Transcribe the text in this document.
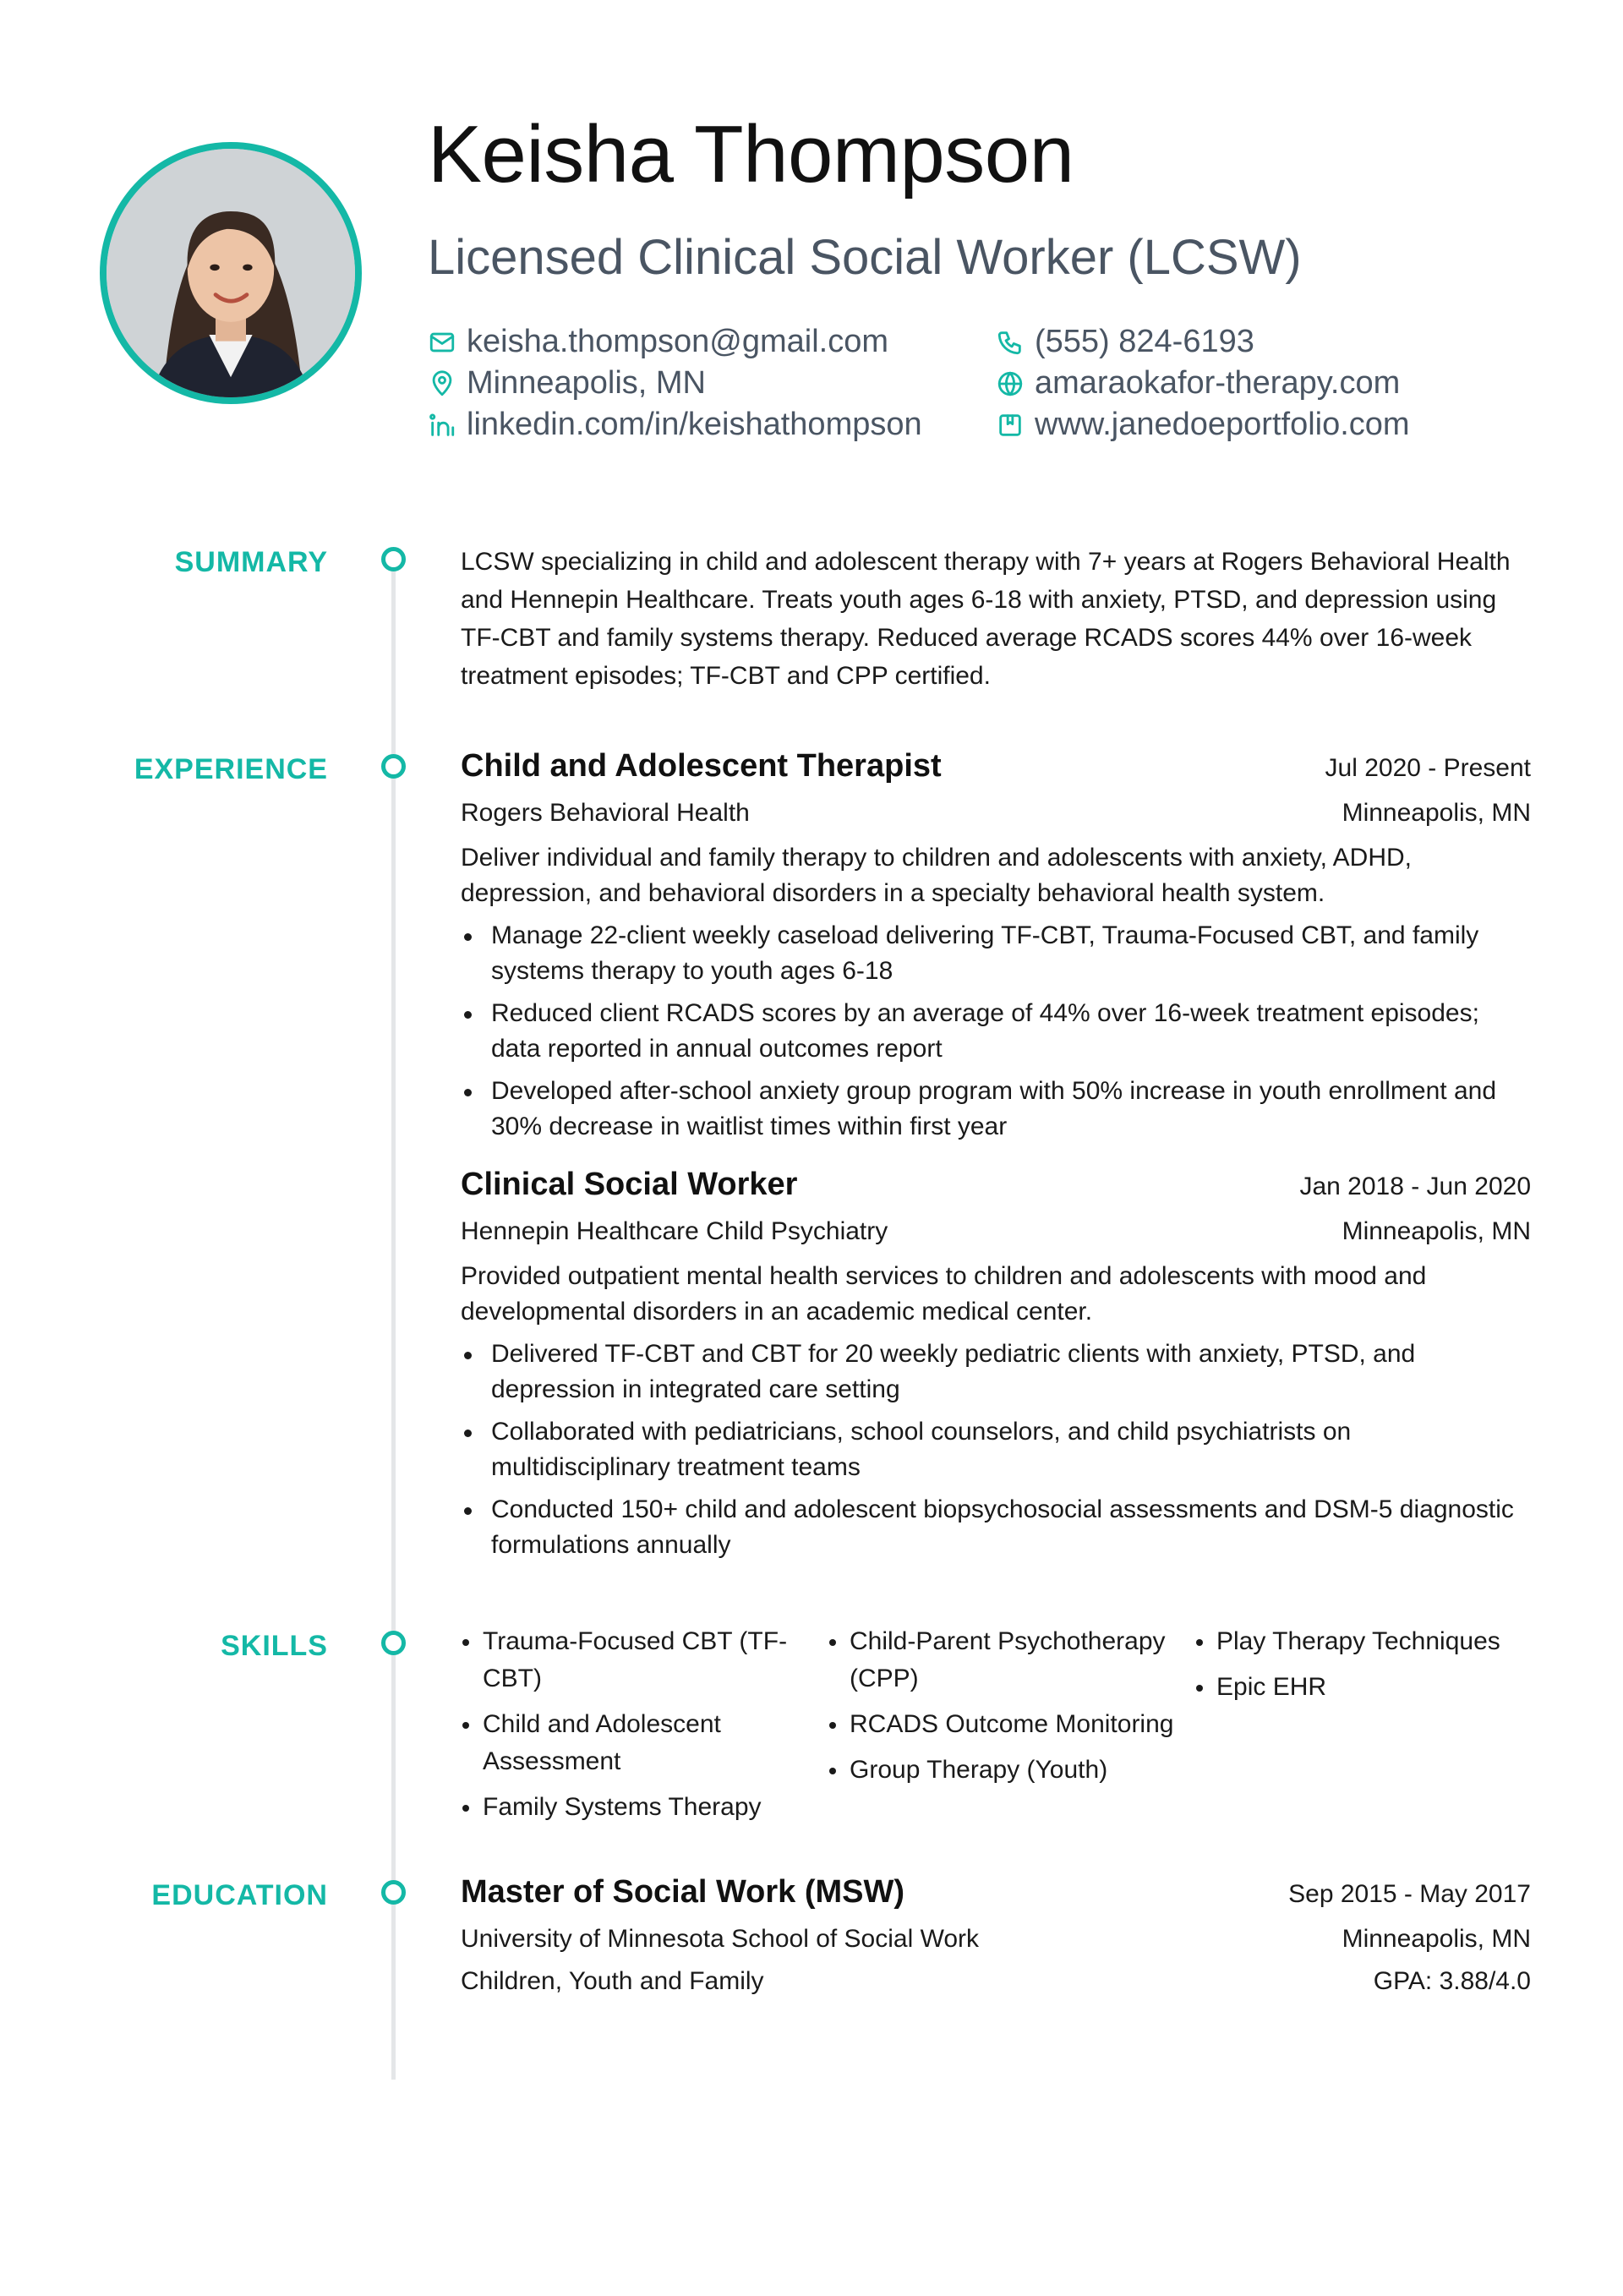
Keisha Thompson
Licensed Clinical Social Worker (LCSW)
keisha.thompson@gmail.com	(555) 824-6193
Minneapolis, MN	amaraokafor-therapy.com
linkedin.com/in/keishathompson	www.janedoeportfolio.com
SUMMARY	LCSW specializing in child and adolescent therapy with 7+ years at Rogers Behavioral Health and Hennepin Healthcare. Treats youth ages 6-18 with anxiety, PTSD, and depression using TF-CBT and family systems therapy. Reduced average RCADS scores 44% over 16-week treatment episodes; TF-CBT and CPP certified.
EXPERIENCE	Child and Adolescent Therapist	Jul 2020 - Present
Rogers Behavioral Health	Minneapolis, MN
Deliver individual and family therapy to children and adolescents with anxiety, ADHD, depression, and behavioral disorders in a specialty behavioral health system.
Manage 22-client weekly caseload delivering TF-CBT, Trauma-Focused CBT, and family systems therapy to youth ages 6-18
Reduced client RCADS scores by an average of 44% over 16-week treatment episodes; data reported in annual outcomes report
Developed after-school anxiety group program with 50% increase in youth enrollment and 30% decrease in waitlist times within first year
Clinical Social Worker	Jan 2018 - Jun 2020
Hennepin Healthcare Child Psychiatry	Minneapolis, MN
Provided outpatient mental health services to children and adolescents with mood and developmental disorders in an academic medical center.
Delivered TF-CBT and CBT for 20 weekly pediatric clients with anxiety, PTSD, and depression in integrated care setting
Collaborated with pediatricians, school counselors, and child psychiatrists on multidisciplinary treatment teams
Conducted 150+ child and adolescent biopsychosocial assessments and DSM-5 diagnostic formulations annually
SKILLS	Trauma-Focused CBT (TF-CBT)
Child and Adolescent Assessment
Family Systems Therapy
Child-Parent Psychotherapy (CPP)
RCADS Outcome Monitoring
Group Therapy (Youth)
Play Therapy Techniques
Epic EHR
EDUCATION	Master of Social Work (MSW)	Sep 2015 - May 2017
University of Minnesota School of Social Work	Minneapolis, MN
Children, Youth and Family	GPA: 3.88/4.0
